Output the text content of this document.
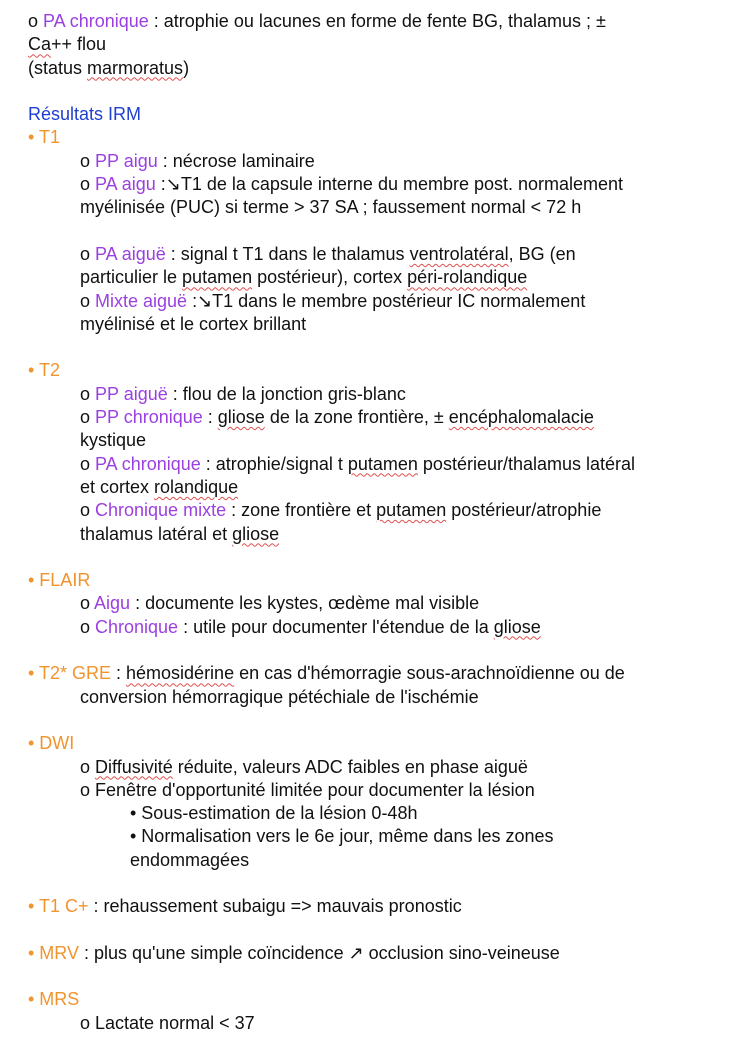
o PA chronique : atrophie ou lacunes en forme de fente BG, thalamus ; ±

Ca++ flou

(status marmoratus)

Résultats IRM

• T1

o PP aigu : nécrose laminaire

o PA aigu :↘T1 de la capsule interne du membre post. normalement

myélinisée (PUC) si terme > 37 SA ; faussement normal < 72 h

o PA aiguë : signal t T1 dans le thalamus ventrolatéral, BG (en

particulier le putamen postérieur), cortex péri-rolandique

o Mixte aiguë :↘T1 dans le membre postérieur IC normalement

myélinisé et le cortex brillant

• T2

o PP aiguë : flou de la jonction gris-blanc

o PP chronique : gliose de la zone frontière, ± encéphalomalacie

kystique

o PA chronique : atrophie/signal t putamen postérieur/thalamus latéral

et cortex rolandique

o Chronique mixte : zone frontière et putamen postérieur/atrophie

thalamus latéral et gliose

• FLAIR

o Aigu : documente les kystes, œdème mal visible

o Chronique : utile pour documenter l'étendue de la gliose

• T2* GRE : hémosidérine en cas d'hémorragie sous-arachnoïdienne ou de

conversion hémorragique pétéchiale de l'ischémie

• DWI

o Diffusivité réduite, valeurs ADC faibles en phase aiguë

o Fenêtre d'opportunité limitée pour documenter la lésion

• Sous-estimation de la lésion 0-48h

• Normalisation vers le 6e jour, même dans les zones

endommagées

• T1 C+ : rehaussement subaigu => mauvais pronostic

• MRV : plus qu'une simple coïncidence ↗ occlusion sino-veineuse

• MRS

o Lactate normal < 37
